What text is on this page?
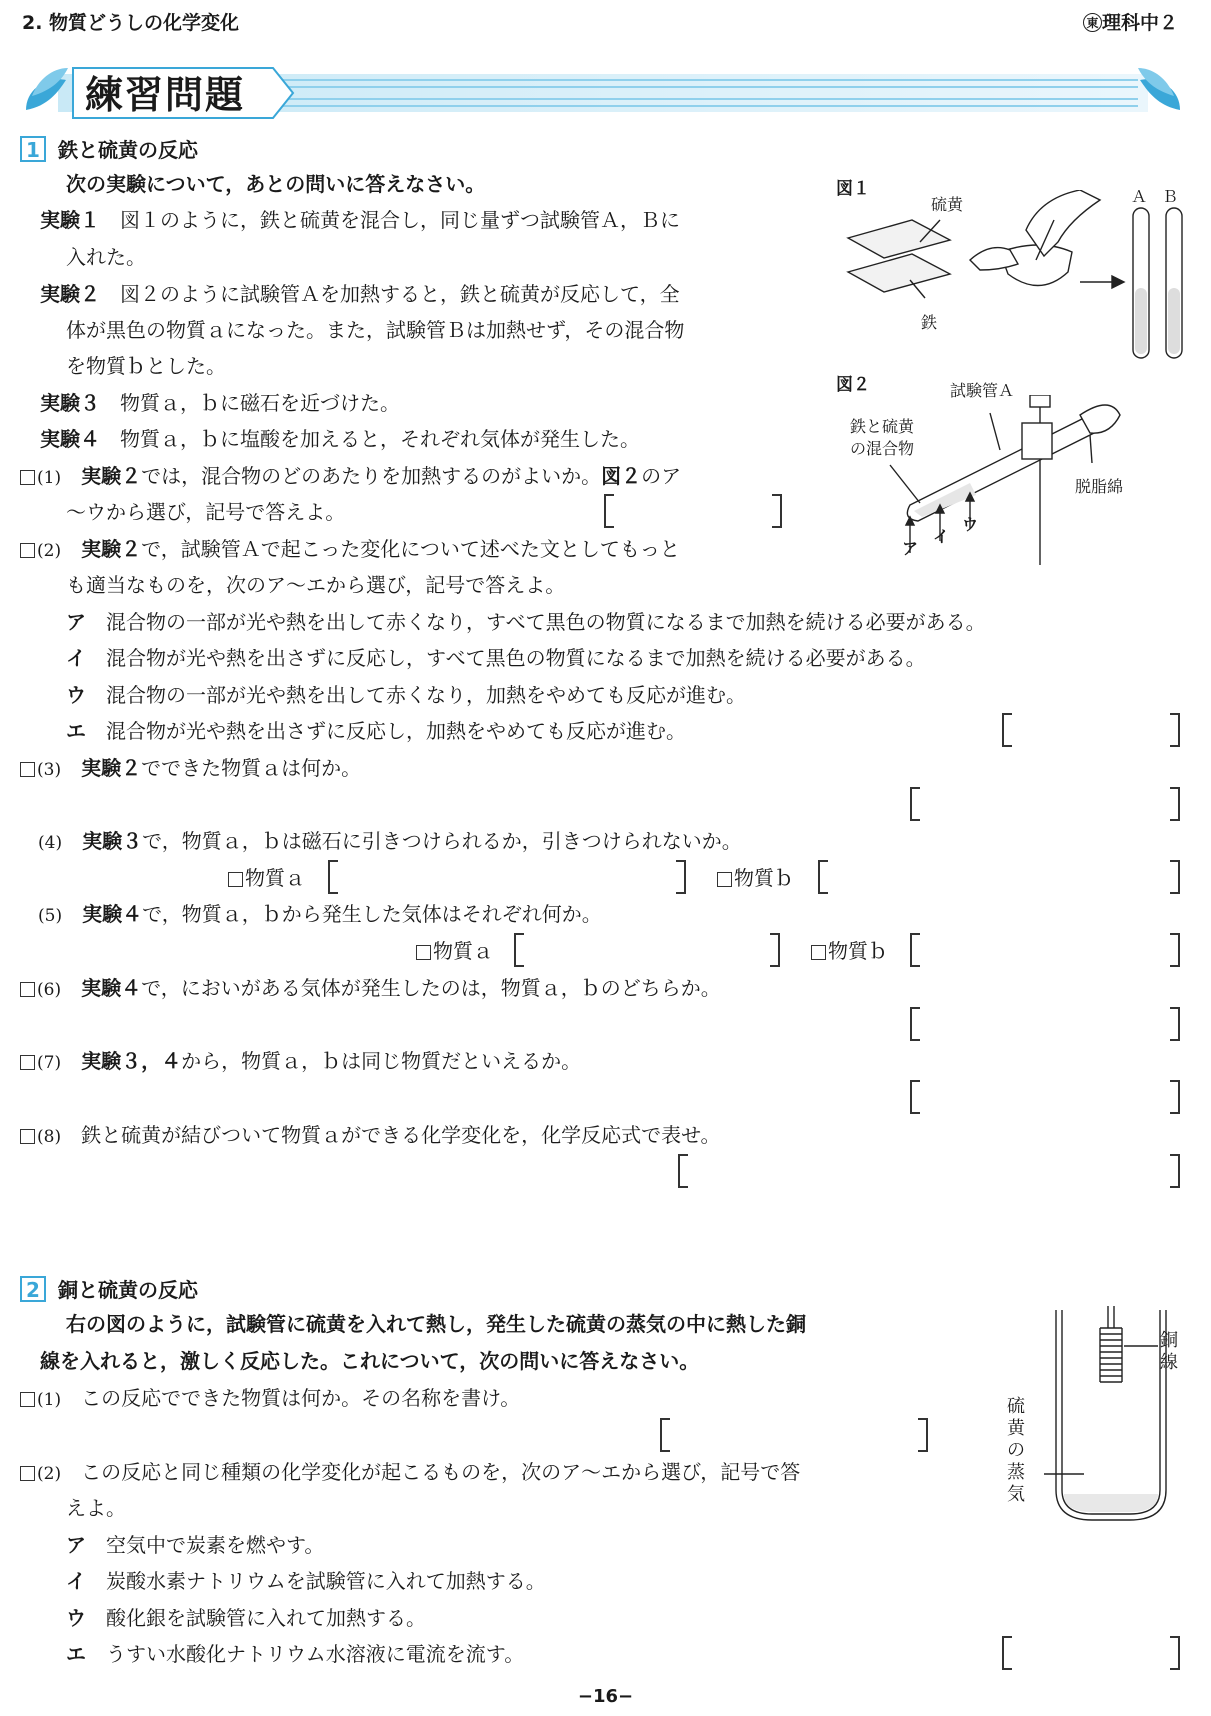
2. 物質どうしの化学変化	東 理科中２
練習問題
1 鉄と硫黄の反応
次の実験について，あとの問いに答えなさい。
実験１　 図１のように，鉄と硫黄を混合し，同じ量ずつ試験管Ａ，Ｂに
入れた。
実験２　 図２のように試験管Ａを加熱すると，鉄と硫黄が反応して，全
体が黒色の物質ａになった。また，試験管Ｂは加熱せず，その混合物
を物質ｂとした。
実験３　 物質ａ，ｂに磁石を近づけた。
実験４　 物質ａ，ｂに塩酸を加えると，それぞれ気体が発生した。
(1)　 実験２では，混合物のどのあたりを加熱するのがよいか。図２のア
〜ウから選び，記号で答えよ。
(2)　 実験２で，試験管Ａで起こった変化について述べた文としてもっと
も適当なものを，次のア〜エから選び，記号で答えよ。
ア　 混合物の一部が光や熱を出して赤くなり，すべて黒色の物質になるまで加熱を続ける必要がある。
イ　 混合物が光や熱を出さずに反応し，すべて黒色の物質になるまで加熱を続ける必要がある。
ウ　 混合物の一部が光や熱を出して赤くなり，加熱をやめても反応が進む。
エ　 混合物が光や熱を出さずに反応し，加熱をやめても反応が進む。
(3)　 実験２でできた物質ａは何か。
(4)　 実験３で，物質ａ，ｂは磁石に引きつけられるか，引きつけられないか。
物質ａ	物質ｂ
(5)　 実験４で，物質ａ，ｂから発生した気体はそれぞれ何か。
物質ａ	物質ｂ
(6)　 実験４で，においがある気体が発生したのは，物質ａ，ｂのどちらか。
(7)　 実験３，４から，物質ａ，ｂは同じ物質だといえるか。
(8)　 鉄と硫黄が結びついて物質ａができる化学変化を，化学反応式で表せ。
図１
硫黄
鉄
Ａ Ｂ
図２	試験管Ａ
鉄と硫黄
の混合物
脱脂綿
ア
イ
ウ
2 銅と硫黄の反応
右の図のように，試験管に硫黄を入れて熱し，発生した硫黄の蒸気の中に熱した銅
線を入れると，激しく反応した。これについて，次の問いに答えなさい。
(1)　 この反応でできた物質は何か。その名称を書け。
(2)　 この反応と同じ種類の化学変化が起こるものを，次のア〜エから選び，記号で答
えよ。
ア　 空気中で炭素を燃やす。
イ　 炭酸水素ナトリウムを試験管に入れて加熱する。
ウ　 酸化銀を試験管に入れて加熱する。
エ　 うすい水酸化ナトリウム水溶液に電流を流す。
銅線
硫黄の蒸気
−16−
